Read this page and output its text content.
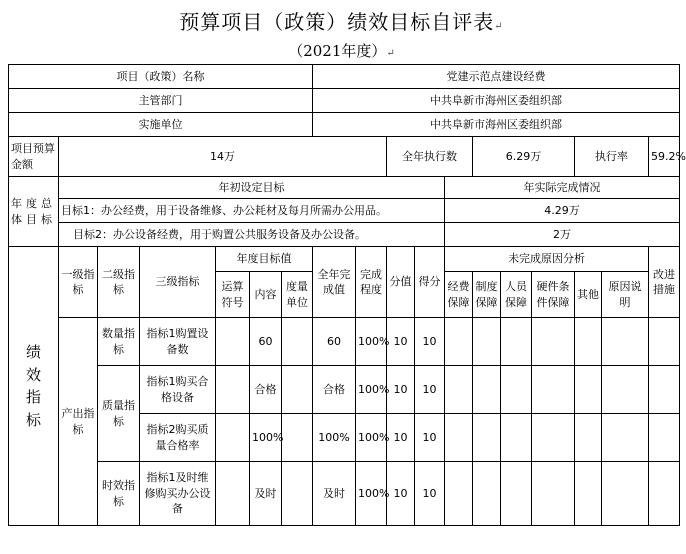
预算项目（政策）绩效目标自评表↵
（2021年度）↵
项目（政策）名称							党建示范点建设经费										
主管部门							中共阜新市海州区委组织部										
实施单位							中共阜新市海州区委组织部										
项目预算金额	14万								全年执行数			6.29万			执行率		59.2%
年度总体目标	年初设定目标										年实际完成情况						
	目标1：办公经费，用于设备维修、办公耗材及每月所需办公用品。										4.29万						
	目标2：办公设备经费，用于购置公共服务设备及办公设备。										2万						
绩效指标	一级指标	二级指标	三级指标	年度目标值			全年完成值	完成程度	分值	得分	未完成原因分析						改进措施
				运算符号	内容	度量单位					经费保障	制度保障	人员保障	硬件条件保障	其他	原因说明	
	产出指标	数量指标	指标1购置设备数		60		60	100%	10	10							
		质量指标	指标1购买合格设备		合格		合格	100%	10	10							
			指标2购买质量合格率		100%		100%	100%	10	10							
		时效指标	指标1及时维修购买办公设备		及时		及时	100%	10	10							
